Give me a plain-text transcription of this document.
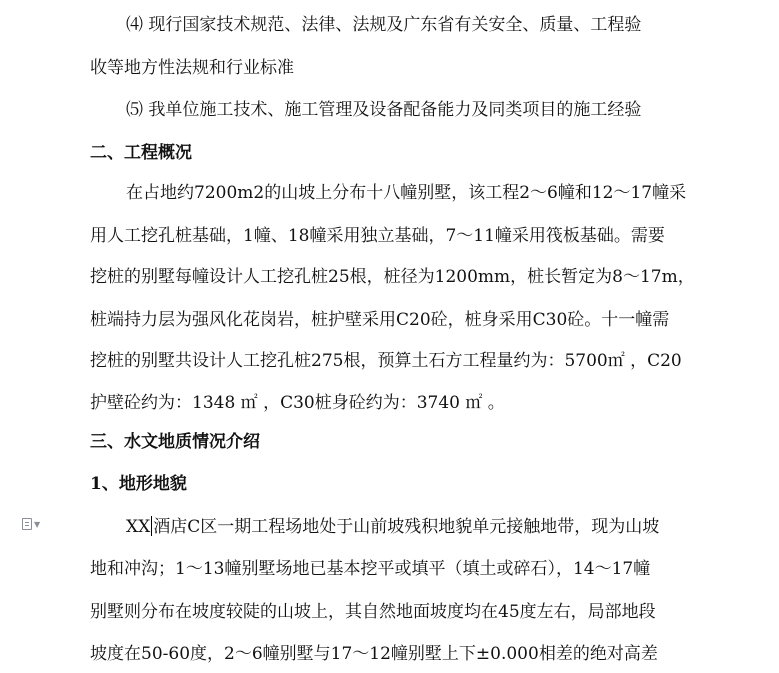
⑷ 现行国家技术规范、法律、法规及广东省有关安全、质量、工程验
收等地方性法规和行业标准
⑸ 我单位施工技术、施工管理及设备配备能力及同类项目的施工经验
二、工程概况
在占地约7200m2的山坡上分布十八幢别墅，该工程2～6幢和12～17幢采
用人工挖孔桩基础，1幢、18幢采用独立基础，7～11幢采用筏板基础。需要
挖桩的别墅每幢设计人工挖孔桩25根，桩径为1200mm，桩长暂定为8～17m，
桩端持力层为强风化花岗岩，桩护壁采用C20砼，桩身采用C30砼。十一幢需
挖桩的别墅共设计人工挖孔桩275根，预算土石方工程量约为：5700㎡ ，C20
护壁砼约为：1348 ㎡ ，C30桩身砼约为：3740 ㎡ 。
三、水文地质情况介绍
1、地形地貌
▼	XX 酒店C区一期工程场地处于山前坡残积地貌单元接触地带，现为山坡
地和冲沟；1～13幢别墅场地已基本挖平或填平（填土或碎石），14～17幢
别墅则分布在坡度较陡的山坡上，其自然地面坡度均在45度左右，局部地段
坡度在50-60度，2～6幢别墅与17～12幢别墅上下±0.000相差的绝对高差
